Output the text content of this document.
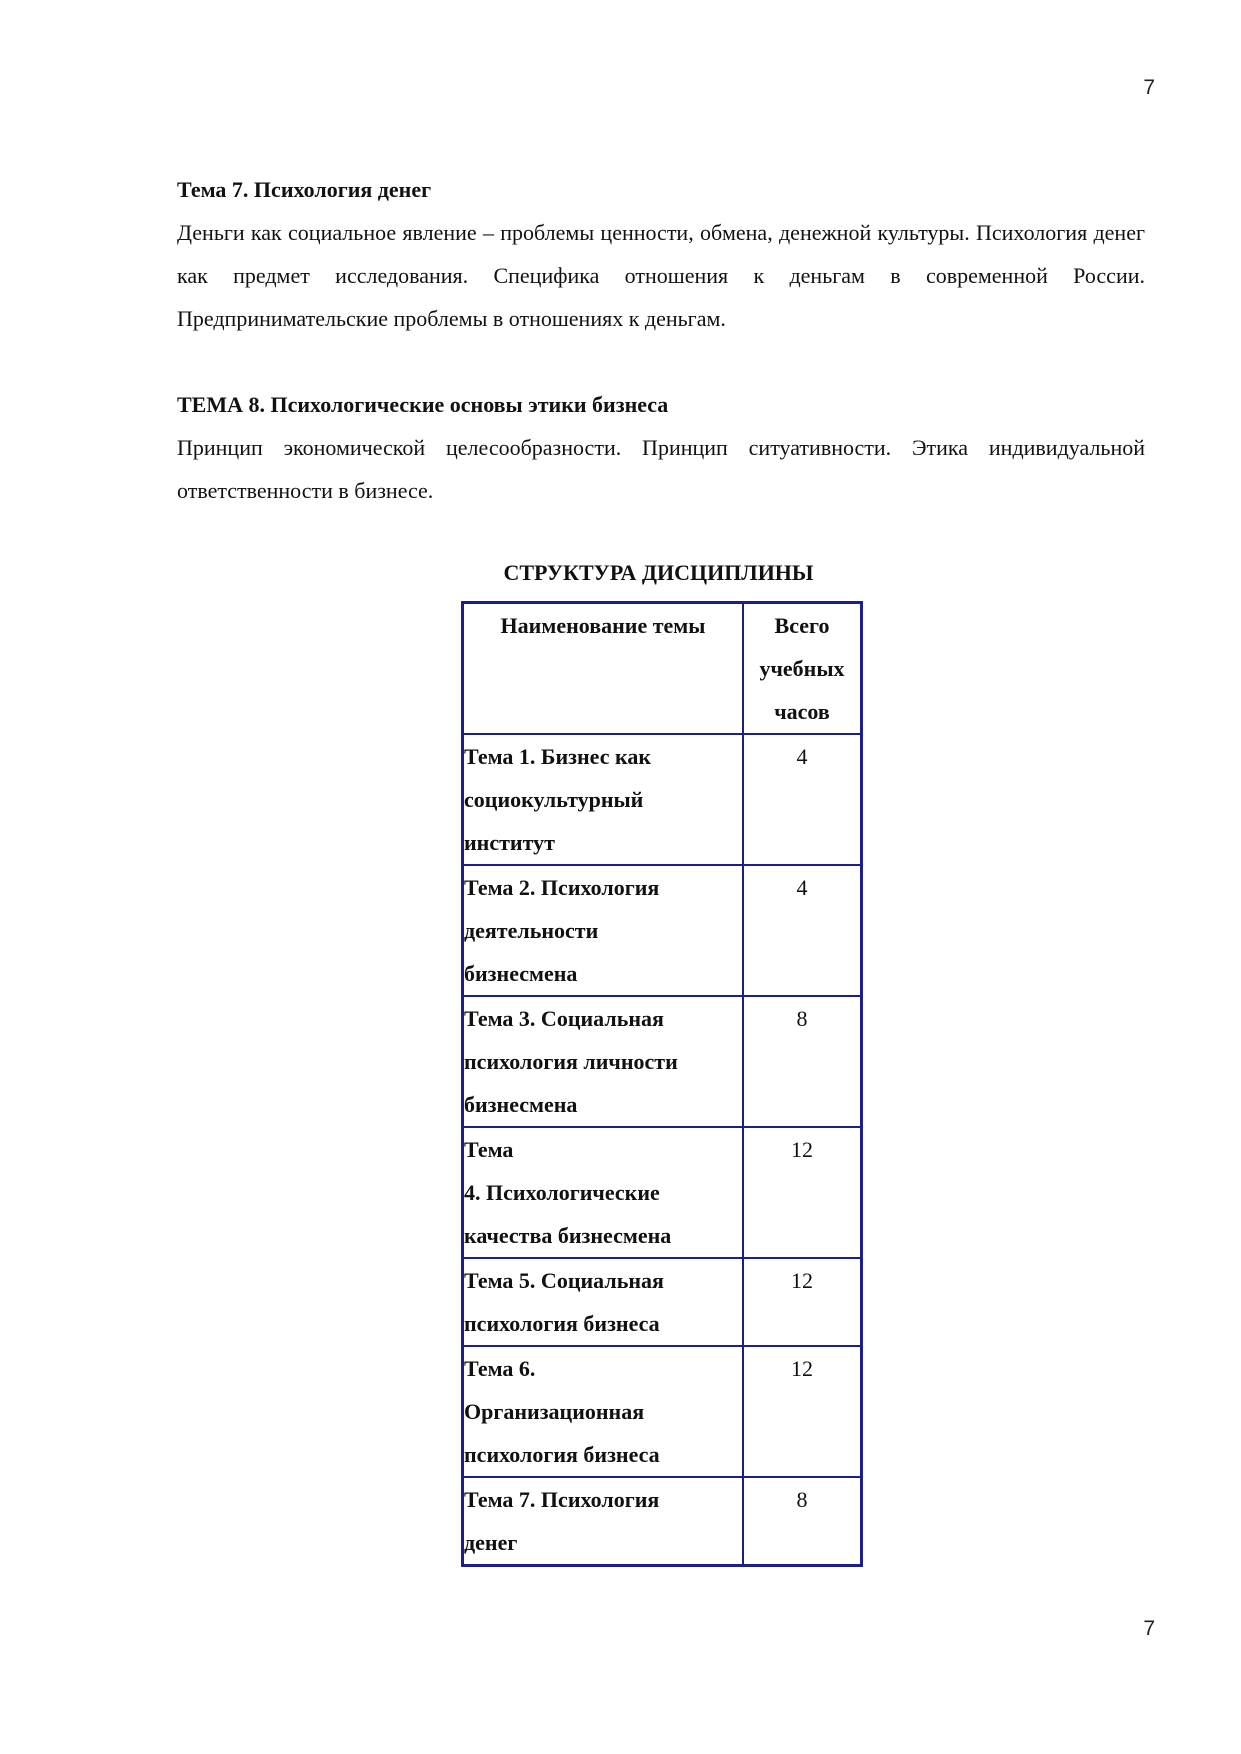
7

Тема 7. Психология денег

Деньги как социальное явление – проблемы ценности, обмена, денежной культуры. Психология денег как предмет исследования. Специфика отношения к деньгам в современной России. Предпринимательские проблемы в отношениях к деньгам.

ТЕМА 8. Психологические основы этики бизнеса

Принцип экономической целесообразности. Принцип ситуативности. Этика индивидуальной ответственности в бизнесе.

СТРУКТУРА ДИСЦИПЛИНЫ
Наименование темы	Всего
учебных
часов

Тема 1. Бизнес как
социокультурный
институт	4

Тема 2. Психология
деятельности
бизнесмена	4

Тема 3. Социальная
психология личности
бизнесмена	8

Тема
4. Психологические
качества бизнесмена	12

Тема 5. Социальная
психология бизнеса	12

Тема 6.
Организационная
психология бизнеса	12

Тема 7. Психология
денег	8
7
